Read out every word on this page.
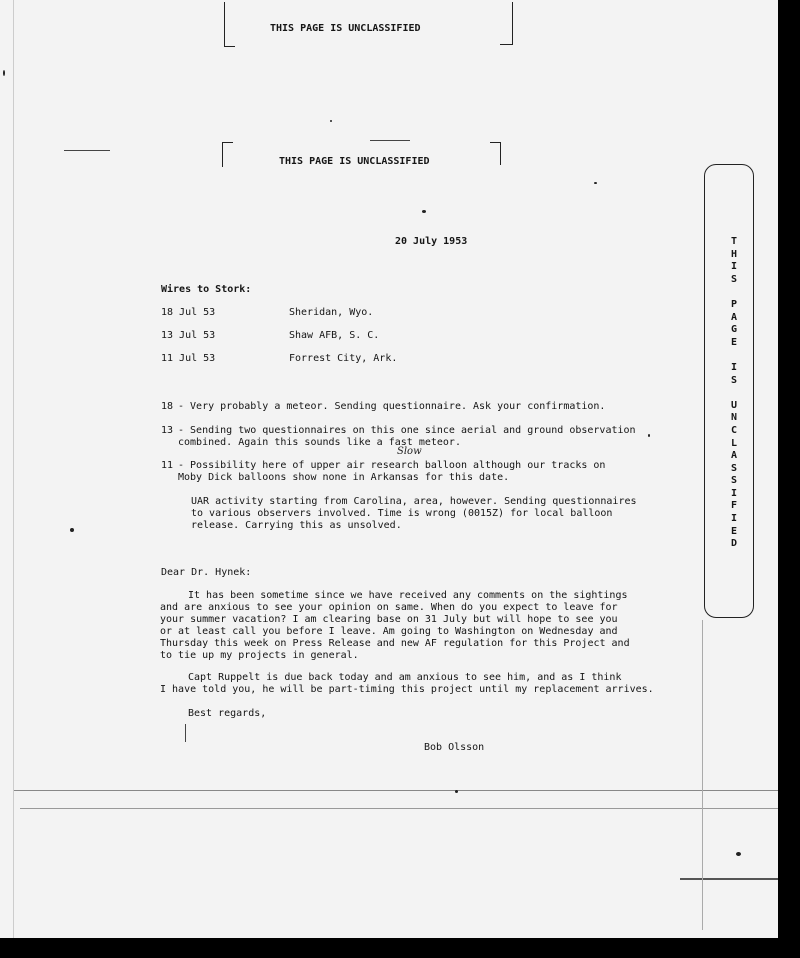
THIS PAGE IS UNCLASSIFIED
THIS PAGE IS UNCLASSIFIED
T
H
I
S
P
A
G
E
I
S
U
N
C
L
A
S
S
I
F
I
E
D
20 July 1953
Wires to Stork:
18 Jul 53	Sheridan, Wyo.
13 Jul 53	Shaw AFB, S. C.
11 Jul 53	Forrest City, Ark.
18 - Very probably a meteor. Sending questionnaire. Ask your confirmation.
13 - Sending two questionnaires on this one since aerial and ground observation
combined. Again this sounds like a fast meteor.
Slow
11 - Possibility here of upper air research balloon although our tracks on
Moby Dick balloons show none in Arkansas for this date.
UAR activity starting from Carolina, area, however. Sending questionnaires
to various observers involved. Time is wrong (0015Z) for local balloon
release. Carrying this as unsolved.
Dear Dr. Hynek:
It has been sometime since we have received any comments on the sightings
and are anxious to see your opinion on same. When do you expect to leave for
your summer vacation? I am clearing base on 31 July but will hope to see you
or at least call you before I leave. Am going to Washington on Wednesday and
Thursday this week on Press Release and new AF regulation for this Project and
to tie up my projects in general.
Capt Ruppelt is due back today and am anxious to see him, and as I think
I have told you, he will be part-timing this project until my replacement arrives.
Best regards,
Bob Olsson
